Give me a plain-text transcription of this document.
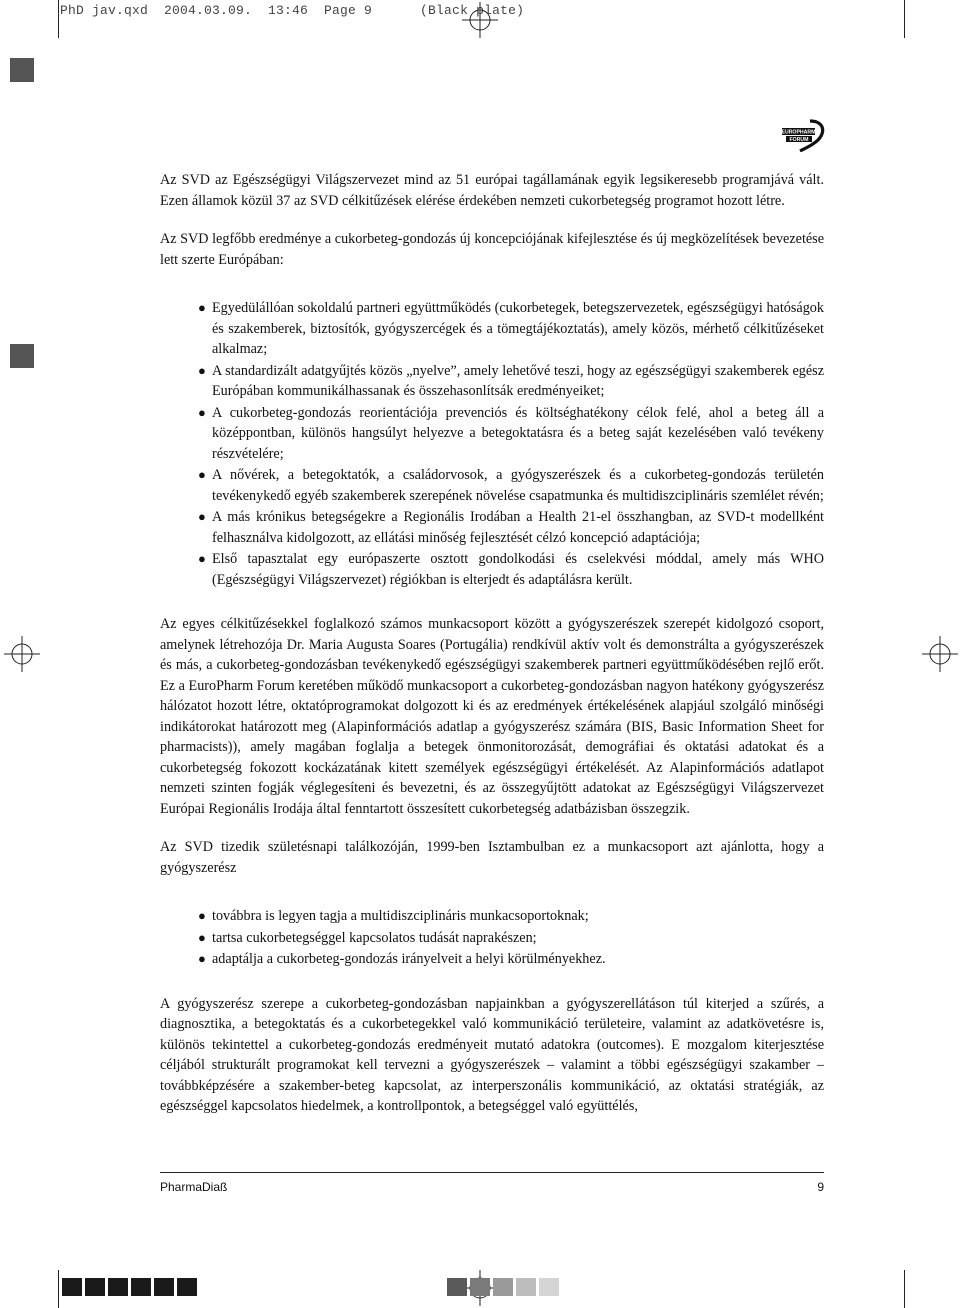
PhD jav.qxd  2004.03.09.  13:46  Page 9      (Black plate)
EUROPHARM
FORUM

Az SVD az Egészségügyi Világszervezet mind az 51 európai tagállamának egyik legsikeresebb programjává vált. Ezen államok közül 37 az SVD célkitűzések elérése érdekében nemzeti cukorbetegség programot hozott létre.

Az SVD legfőbb eredménye a cukorbeteg-gondozás új koncepciójának kifejlesztése és új megközelítések bevezetése lett szerte Európában:

● Egyedülállóan sokoldalú partneri együttműködés (cukorbetegek, betegszervezetek, egészségügyi hatóságok és szakemberek, biztosítók, gyógyszercégek és a tömegtájékoztatás), amely közös, mérhető célkitűzéseket alkalmaz;
● A standardizált adatgyűjtés közös „nyelve”, amely lehetővé teszi, hogy az egészségügyi szakemberek egész Európában kommunikálhassanak és összehasonlítsák eredményeiket;
● A cukorbeteg-gondozás reorientációja prevenciós és költséghatékony célok felé, ahol a beteg áll a középpontban, különös hangsúlyt helyezve a betegoktatásra és a beteg saját kezelésében való tevékeny részvételére;
● A nővérek, a betegoktatók, a családorvosok, a gyógyszerészek és a cukorbeteg-gondozás területén tevékenykedő egyéb szakemberek szerepének növelése csapatmunka és multidiszciplináris szemlélet révén;
● A más krónikus betegségekre a Regionális Irodában a Health 21-el összhangban, az SVD-t modellként felhasználva kidolgozott, az ellátási minőség fejlesztését célzó koncepció adaptációja;
● Első tapasztalat egy európaszerte osztott gondolkodási és cselekvési móddal, amely más WHO (Egészségügyi Világszervezet) régiókban is elterjedt és adaptálásra került.

Az egyes célkitűzésekkel foglalkozó számos munkacsoport között a gyógyszerészek szerepét kidolgozó csoport, amelynek létrehozója Dr. Maria Augusta Soares (Portugália) rendkívül aktív volt és demonstrálta a gyógyszerészek és más, a cukorbeteg-gondozásban tevékenykedő egészségügyi szakemberek partneri együttműködésében rejlő erőt. Ez a EuroPharm Forum keretében működő munkacsoport a cukorbeteg-gondozásban nagyon hatékony gyógyszerész hálózatot hozott létre, oktatóprogramokat dolgozott ki és az eredmények értékelésének alapjául szolgáló minőségi indikátorokat határozott meg (Alapinformációs adatlap a gyógyszerész számára (BIS, Basic Information Sheet for pharmacists)), amely magában foglalja a betegek önmonitorozását, demográfiai és oktatási adatokat és a cukorbetegség fokozott kockázatának kitett személyek egészségügyi értékelését. Az Alapinformációs adatlapot nemzeti szinten fogják véglegesíteni és bevezetni, és az összegyűjtött adatokat az Egészségügyi Világszervezet Európai Regionális Irodája által fenntartott összesített cukorbetegség adatbázisban összegzik.

Az SVD tizedik születésnapi találkozóján, 1999-ben Isztambulban ez a munkacsoport azt ajánlotta, hogy a gyógyszerész

● továbbra is legyen tagja a multidiszciplináris munkacsoportoknak;
● tartsa cukorbetegséggel kapcsolatos tudását naprakészen;
● adaptálja a cukorbeteg-gondozás irányelveit a helyi körülményekhez.

A gyógyszerész szerepe a cukorbeteg-gondozásban napjainkban a gyógyszerellátáson túl kiterjed a szűrés, a diagnosztika, a betegoktatás és a cukorbetegekkel való kommunikáció területeire, valamint az adatkövetésre is, különös tekintettel a cukorbeteg-gondozás eredményeit mutató adatokra (outcomes). E mozgalom kiterjesztése céljából strukturált programokat kell tervezni a gyógyszerészek – valamint a többi egészségügyi szakamber – továbbképzésére a szakember-beteg kapcsolat, az interperszonális kommunikáció, az oktatási stratégiák, az egészséggel kapcsolatos hiedelmek, a kontrollpontok, a betegséggel való együttélés,

PharmaDiaß	9
